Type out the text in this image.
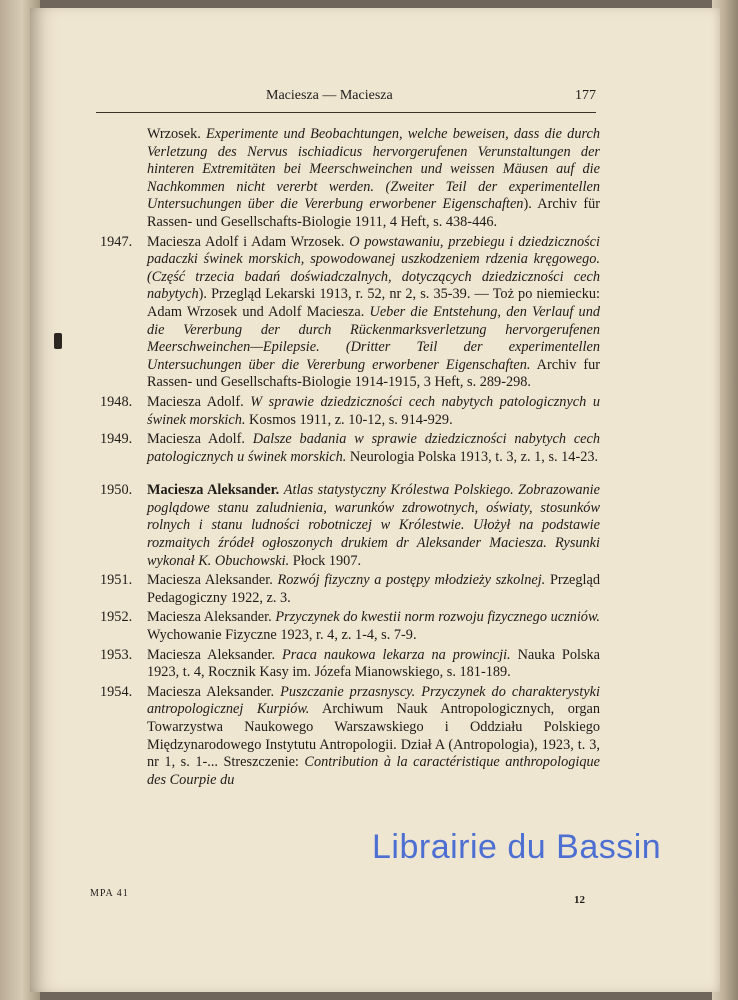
Maciesza — Maciesza	177
Wrzosek. Experimente und Beobachtungen, welche beweisen, dass die durch Verletzung des Nervus ischiadicus hervorgerufenen Verunstaltungen der hinteren Extremitäten bei Meerschweinchen und weissen Mäusen auf die Nachkommen nicht vererbt werden. (Zweiter Teil der experimentellen Untersuchungen über die Vererbung erworbener Eigenschaften). Archiv für Rassen- und Gesellschafts-Biologie 1911, 4 Heft, s. 438-446.
1947. Maciesza Adolf i Adam Wrzosek. O powstawaniu, przebiegu i dziedziczności padaczki świnek morskich, spowodowanej uszkodzeniem rdzenia kręgowego. (Część trzecia badań doświadczalnych, dotyczących dziedziczności cech nabytych). Przegląd Lekarski 1913, r. 52, nr 2, s. 35-39. — Toż po niemiecku: Adam Wrzosek und Adolf Maciesza. Ueber die Entstehung, den Verlauf und die Vererbung der durch Rückenmarksverletzung hervorgerufenen Meerschweinchen—Epilepsie. (Dritter Teil der experimentellen Untersuchungen über die Vererbung erworbener Eigenschaften. Archiv fur Rassen- und Gesellschafts-Biologie 1914-1915, 3 Heft, s. 289-298.
1948. Maciesza Adolf. W sprawie dziedziczności cech nabytych patologicznych u świnek morskich. Kosmos 1911, z. 10-12, s. 914-929.
1949. Maciesza Adolf. Dalsze badania w sprawie dziedziczności nabytych cech patologicznych u świnek morskich. Neurologia Polska 1913, t. 3, z. 1, s. 14-23.
1950. Maciesza Aleksander. Atlas statystyczny Królestwa Polskiego. Zobrazowanie poglądowe stanu zaludnienia, warunków zdrowotnych, oświaty, stosunków rolnych i stanu ludności robotniczej w Królestwie. Ułożył na podstawie rozmaitych źródeł ogłoszonych drukiem dr Aleksander Maciesza. Rysunki wykonał K. Obuchowski. Płock 1907.
1951. Maciesza Aleksander. Rozwój fizyczny a postępy młodzieży szkolnej. Przegląd Pedagogiczny 1922, z. 3.
1952. Maciesza Aleksander. Przyczynek do kwestii norm rozwoju fizycznego uczniów. Wychowanie Fizyczne 1923, r. 4, z. 1-4, s. 7-9.
1953. Maciesza Aleksander. Praca naukowa lekarza na prowincji. Nauka Polska 1923, t. 4, Rocznik Kasy im. Józefa Mianowskiego, s. 181-189.
1954. Maciesza Aleksander. Puszczanie przasnyscy. Przyczynek do charakterystyki antropologicznej Kurpiów. Archiwum Nauk Antropologicznych, organ Towarzystwa Naukowego Warszawskiego i Oddziału Polskiego Międzynarodowego Instytutu Antropologii. Dział A (Antropologia), 1923, t. 3, nr 1, s. 1-... Streszczenie: Contribution à la caractéristique anthropologique des Courpie du
MPA 41
12
Librairie du Bassin
